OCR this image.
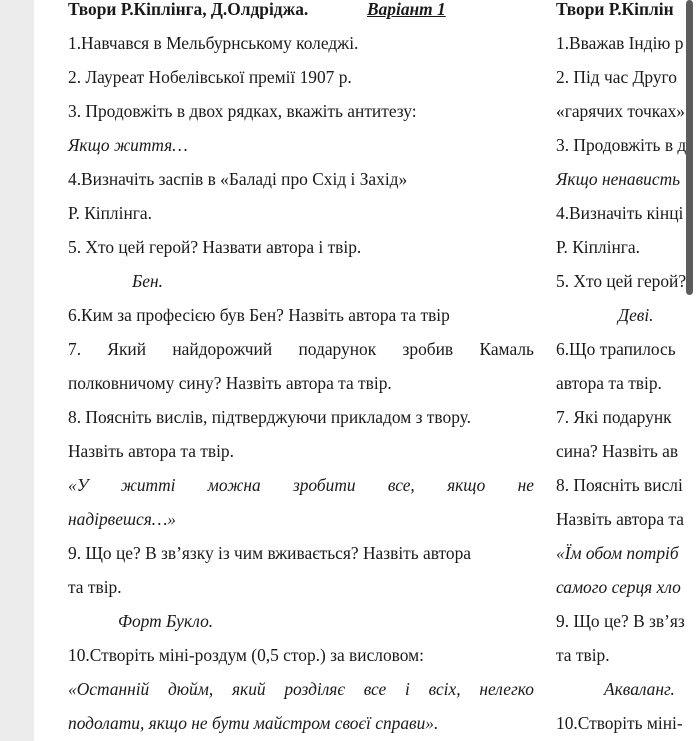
Твори Р.Кіплінга, Д.Олдріджа.	Варіант 1
1.Навчався в Мельбурнському коледжі.
2. Лауреат Нобелівської премії 1907 р.
3. Продовжіть в двох рядках, вкажіть антитезу:
Якщо життя…
4.Визначіть заспів в «Баладі про Схід і Захід»
Р. Кіплінга.
5. Хто цей герой? Назвати автора і твір.
Бен.
6.Ким за професією був Бен? Назвіть автора та твір
7. Який найдорожчий подарунок зробив Камаль
полковничому сину? Назвіть автора та твір.
8. Поясніть вислів, підтверджуючи прикладом з твору.
Назвіть автора та твір.
«У житті можна зробити все, якщо не
надірвешся…»
9. Що це? В зв’язку із чим вживається? Назвіть автора
та твір.
Форт Букло.
10.Створіть міні-роздум (0,5 стор.) за висловом:
«Останній дюйм, який розділяє все і всіх, нелегко
подолати, якщо не бути майстром своєї справи».
Твори Р.Кіплін
1.Вважав Індію р
2. Під час Друго
«гарячих точках»
3. Продовжіть в д
Якщо ненависть
4.Визначіть кінці
Р. Кіплінга.
5. Хто цей герой?
Деві.
6.Що трапилось
автора та твір.
7. Які подарунк
сина? Назвіть ав
8. Поясніть вислі
Назвіть автора та
«Їм обом потріб
самого серця хло
9. Що це? В зв’яз
та твір.
Акваланг.
10.Створіть міні-
